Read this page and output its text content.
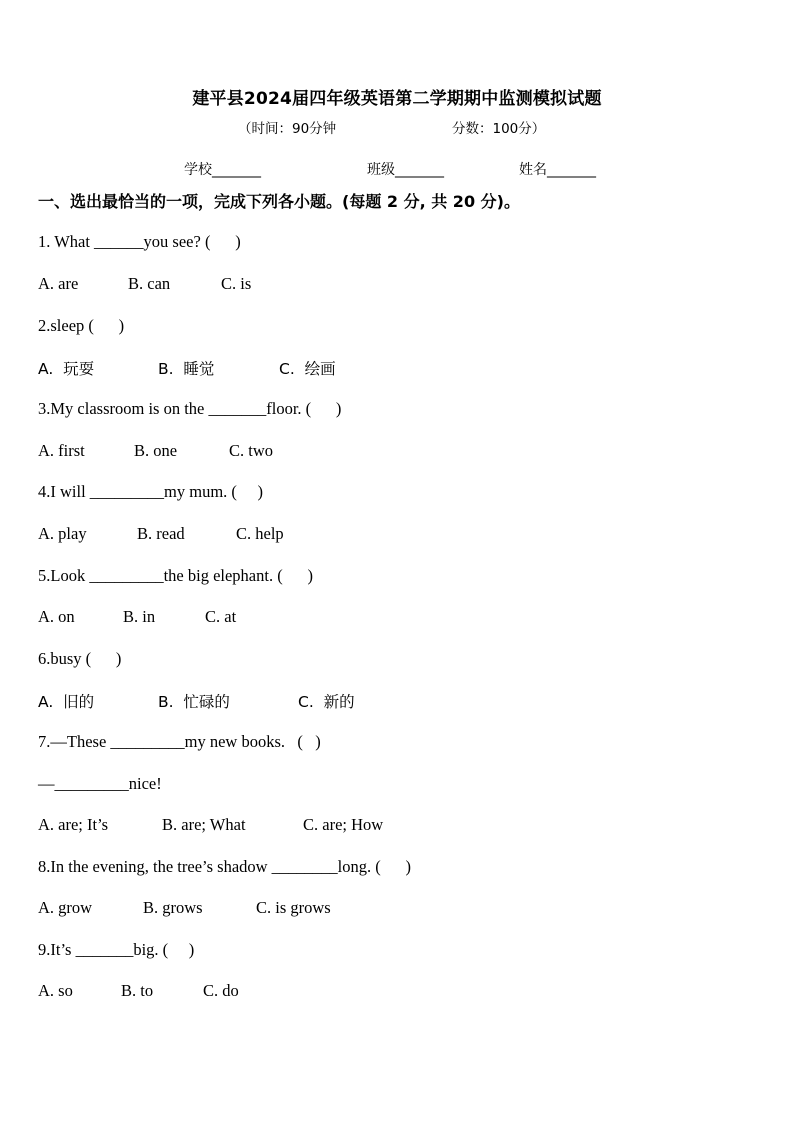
建平县2024届四年级英语第二学期期中监测模拟试题
（时间：90分钟	分数：100分）
学校_______	班级_______	姓名_______
一、选出最恰当的一项，完成下列各小题。(每题 2 分, 共 20 分)。
1. What ______you see? (      )
A. are	B. can	C. is
2.sleep (      )
A.  玩耍	B.  睡觉	C.  绘画
3.My classroom is on the _______floor. (      )
A. first	B. one	C. two
4.I will _________my mum. (     )
A. play	B. read	C. help
5.Look _________the big elephant. (      )
A. on	B. in	C. at
6.busy (      )
A.  旧的	B.  忙碌的	C.  新的
7.—These _________my new books.   (   )
—_________nice!
A. are; It’s	B. are; What	C. are; How
8.In the evening, the tree’s shadow ________long. (      )
A. grow	B. grows	C. is grows
9.It’s _______big. (     )
A. so	B. to	C. do
